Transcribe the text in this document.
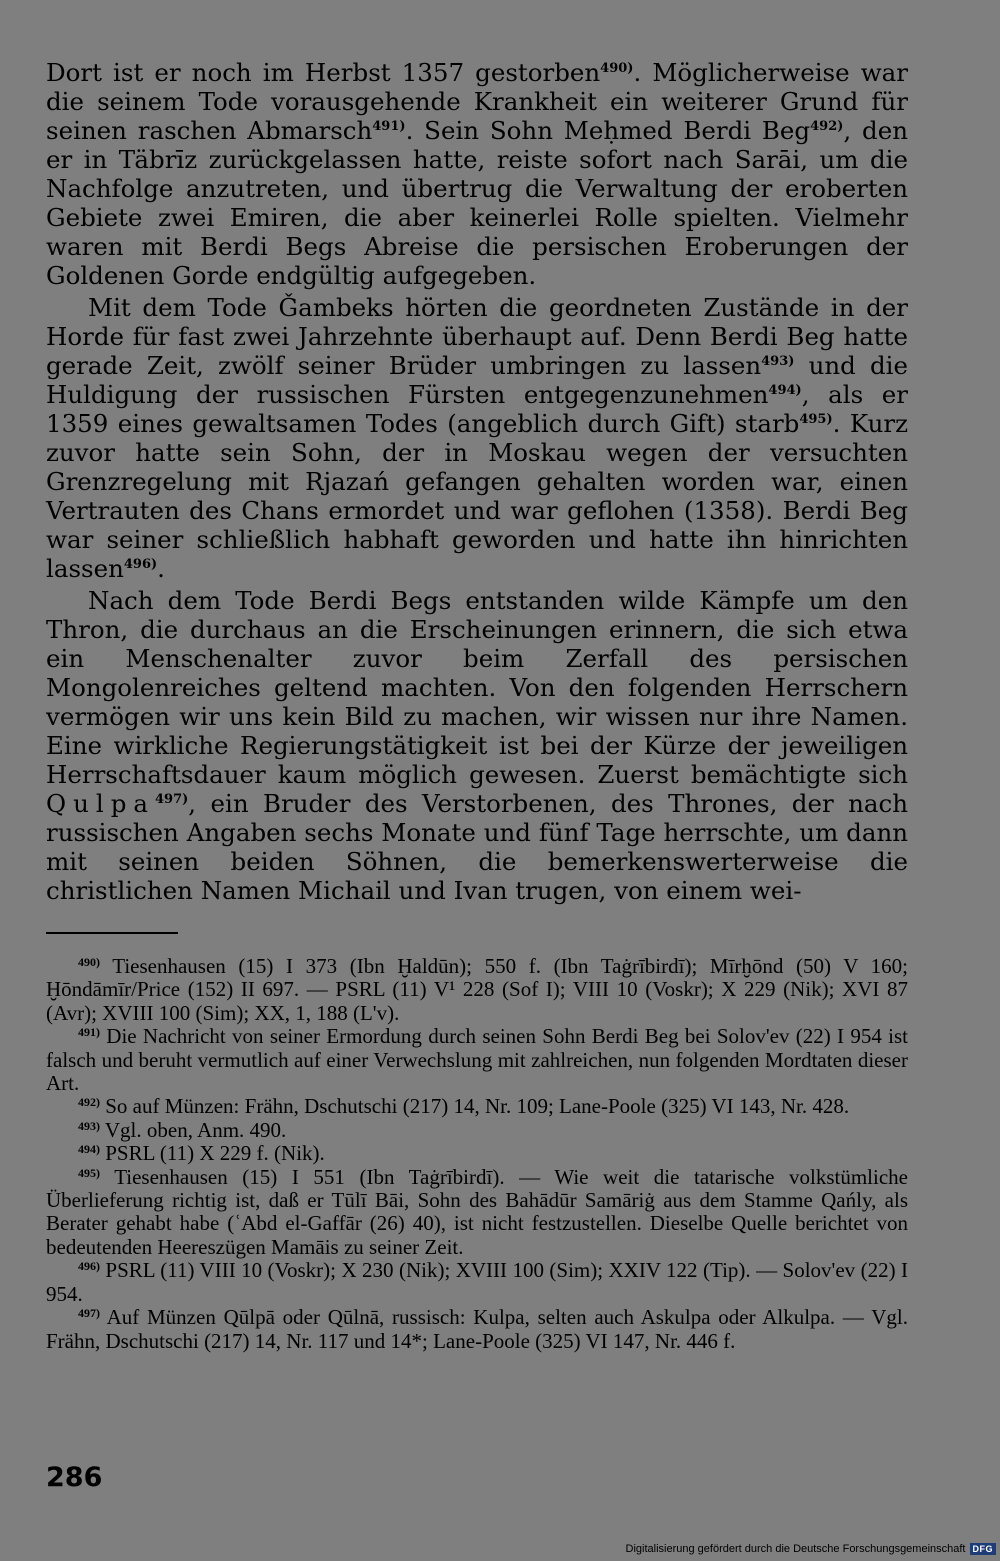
Dort ist er noch im Herbst 1357 gestorben$^{490)}$. Möglicherweise war die seinem Tode vorausgehende Krankheit ein weiterer Grund für seinen raschen Abmarsch$^{491)}$. Sein Sohn Meḥmed Berdi Beg$^{492)}$, den er in Täbrīz zurückgelassen hatte, reiste sofort nach Sarāi, um die Nachfolge anzutreten, und übertrug die Verwaltung der eroberten Gebiete zwei Emiren, die aber keinerlei Rolle spielten. Vielmehr waren mit Berdi Begs Abreise die persischen Eroberungen der Goldenen Gorde endgültig aufgegeben.

Mit dem Tode Ǧambeks hörten die geordneten Zustände in der Horde für fast zwei Jahrzehnte überhaupt auf. Denn Berdi Beg hatte gerade Zeit, zwölf seiner Brüder umbringen zu lassen$^{493)}$ und die Huldigung der russischen Fürsten entgegenzunehmen$^{494)}$, als er 1359 eines gewaltsamen Todes (angeblich durch Gift) starb$^{495)}$. Kurz zuvor hatte sein Sohn, der in Moskau wegen der versuchten Grenzregelung mit Rjazań gefangen gehalten worden war, einen Vertrauten des Chans ermordet und war geflohen (1358). Berdi Beg war seiner schließlich habhaft geworden und hatte ihn hinrichten lassen$^{496)}$.

Nach dem Tode Berdi Begs entstanden wilde Kämpfe um den Thron, die durchaus an die Erscheinungen erinnern, die sich etwa ein Menschenalter zuvor beim Zerfall des persischen Mongolenreiches geltend machten. Von den folgenden Herrschern vermögen wir uns kein Bild zu machen, wir wissen nur ihre Namen. Eine wirkliche Regierungstätigkeit ist bei der Kürze der jeweiligen Herrschaftsdauer kaum möglich gewesen. Zuerst bemächtigte sich Qulpa$^{497)}$, ein Bruder des Verstorbenen, des Thrones, der nach russischen Angaben sechs Monate und fünf Tage herrschte, um dann mit seinen beiden Söhnen, die bemerkenswerterweise die christlichen Namen Michail und Ivan trugen, von einem wei-

$^{490)}$ Tiesenhausen (15) I 373 (Ibn Ḫaldūn); 550 f. (Ibn Taġrībirdī); Mīrḫōnd (50) V 160; Ḫōndāmīr/Price (152) II 697. — PSRL (11) V¹ 228 (Sof I); VIII 10 (Voskr); X 229 (Nik); XVI 87 (Avr); XVIII 100 (Sim); XX, 1, 188 (L'v).

$^{491)}$ Die Nachricht von seiner Ermordung durch seinen Sohn Berdi Beg bei Solov'ev (22) I 954 ist falsch und beruht vermutlich auf einer Verwechslung mit zahlreichen, nun folgenden Mordtaten dieser Art.

$^{492)}$ So auf Münzen: Frähn, Dschutschi (217) 14, Nr. 109; Lane-Poole (325) VI 143, Nr. 428.

$^{493)}$ Vgl. oben, Anm. 490.

$^{494)}$ PSRL (11) X 229 f. (Nik).

$^{495)}$ Tiesenhausen (15) I 551 (Ibn Taġrībirdī). — Wie weit die tatarische volkstümliche Überlieferung richtig ist, daß er Tūlī Bāi, Sohn des Bahādūr Samāriġ aus dem Stamme Qańly, als Berater gehabt habe (ʿAbd el-Gaffār (26) 40), ist nicht festzustellen. Dieselbe Quelle berichtet von bedeutenden Heereszügen Mamāis zu seiner Zeit.

$^{496)}$ PSRL (11) VIII 10 (Voskr); X 230 (Nik); XVIII 100 (Sim); XXIV 122 (Tip). — Solov'ev (22) I 954.

$^{497)}$ Auf Münzen Qūlpā oder Qūlnā, russisch: Kulpa, selten auch Askulpa oder Alkulpa. — Vgl. Frähn, Dschutschi (217) 14, Nr. 117 und 14*; Lane-Poole (325) VI 147, Nr. 446 f.

286
Digitalisierung gefördert durch die Deutsche Forschungsgemeinschaft DFG
